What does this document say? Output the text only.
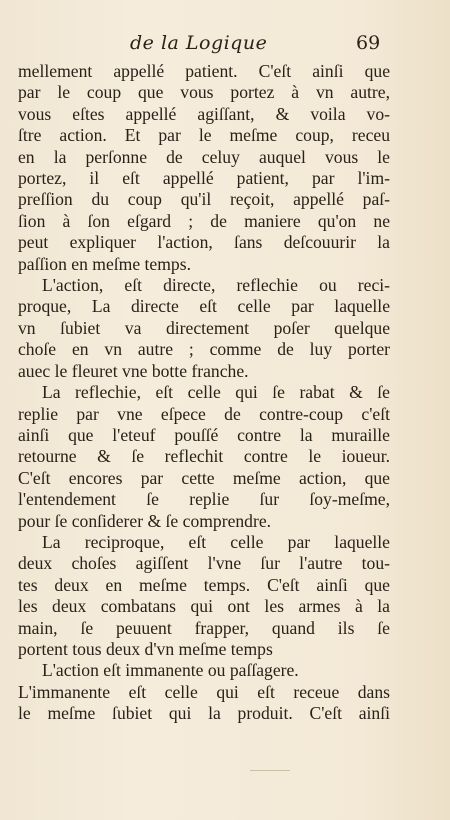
de la Logique	69
mellement appellé patient. C'eſt ainſi que
par le coup que vous portez à vn autre,
vous eſtes appellé agiſſant, & voila vo-
ſtre action. Et par le meſme coup, receu
en la perſonne de celuy auquel vous le
portez, il eſt appellé patient, par l'im-
preſſion du coup qu'il reçoit, appellé paſ-
ſion à ſon eſgard ; de maniere qu'on ne
peut expliquer l'action, ſans deſcouurir la
paſſion en meſme temps.
L'action, eſt directe, reflechie ou reci-
proque, La directe eſt celle par laquelle
vn ſubiet va directement poſer quelque
choſe en vn autre ; comme de luy porter
auec le fleuret vne botte franche.
La reflechie, eſt celle qui ſe rabat & ſe
replie par vne eſpece de contre-coup c'eſt
ainſi que l'eteuf pouſſé contre la muraille
retourne & ſe reflechit contre le ioueur.
C'eſt encores par cette meſme action, que
l'entendement ſe replie ſur ſoy-meſme,
pour ſe conſiderer & ſe comprendre.
La reciproque, eſt celle par laquelle
deux choſes agiſſent l'vne ſur l'autre tou-
tes deux en meſme temps. C'eſt ainſi que
les deux combatans qui ont les armes à la
main, ſe peuuent frapper, quand ils ſe
portent tous deux d'vn meſme temps
L'action eſt immanente ou paſſagere.
L'immanente eſt celle qui eſt receue dans
le meſme ſubiet qui la produit. C'eſt ainſi
